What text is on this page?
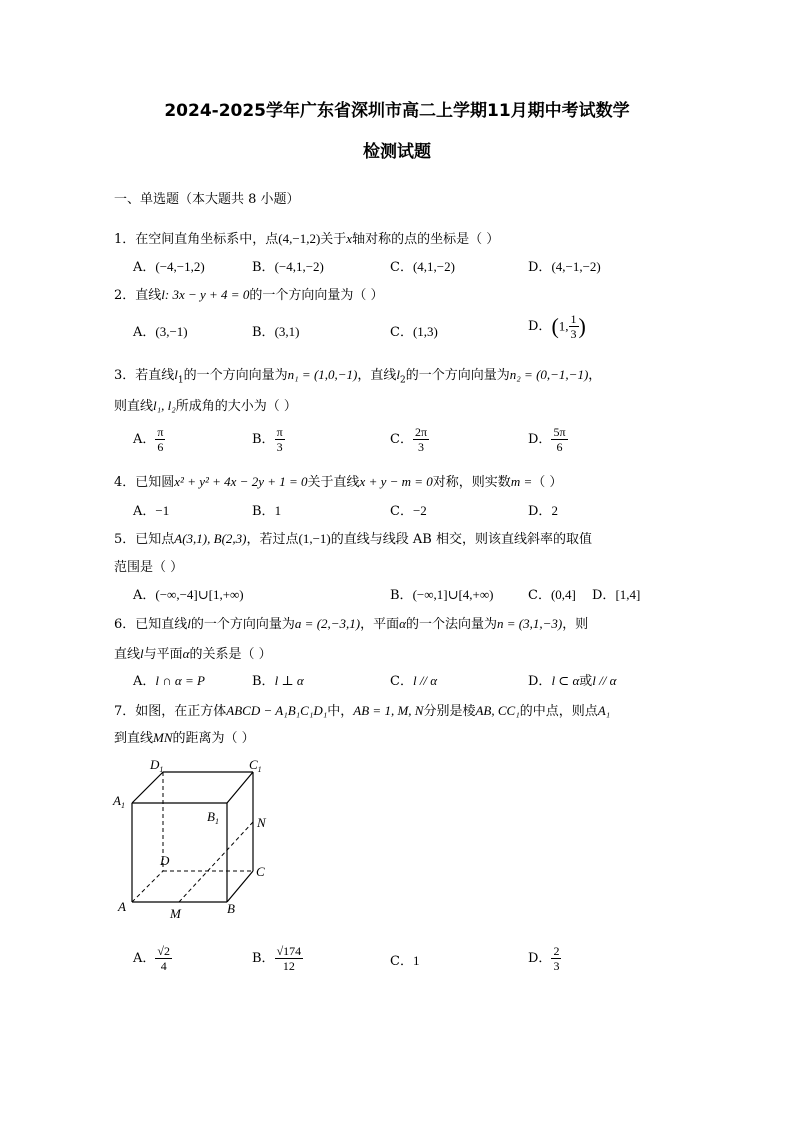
2024-2025学年广东省深圳市高二上学期11月期中考试数学
检测试题
一、单选题（本大题共 8 小题）
1．在空间直角坐标系中，点(4,−1,2)关于x轴对称的点的坐标是（ ）
A．(−4,−1,2)	B．(−4,1,−2)	C．(4,1,−2)	D．(4,−1,−2)
2．直线l: 3x − y + 4 = 0的一个方向向量为（ ）
A．(3,−1)	B．(3,1)	C．(1,3)	D．(1, $\frac{1}{3}$ )
3．若直线$l_1$的一个方向向量为n₁ = (1,0,−1)，直线$l_2$的一个方向向量为n₂ = (0,−1,−1)，
则直线l₁, l₂所成角的大小为（ ）
A． $\frac{\pi}{6}$	B． $\frac{\pi}{3}$	C． $\frac{2\pi}{3}$	D． $\frac{5\pi}{6}$
4．已知圆x² + y² + 4x − 2y + 1 = 0关于直线x + y − m = 0对称，则实数m =（ ）
A．−1	B．1	C．−2	D．2
5．已知点A(3,1), B(2,3)，若过点(1,−1)的直线与线段 AB 相交，则该直线斜率的取值
范围是（ ）
A．(−∞,−4]∪[1,+∞)	B．(−∞,1]∪[4,+∞)	C．(0,4] D．[1,4]
6．已知直线l的一个方向向量为a = (2,−3,1)，平面α的一个法向量为n = (3,1,−3)，则
直线l与平面α的关系是（ ）
A．l ∩ α = P	B．l ⊥ α	C．l // α	D．l ⊂ α或l // α
7．如图，在正方体ABCD − A₁B₁C₁D₁中，AB = 1, M, N分别是棱AB, CC₁的中点，则点A₁
到直线MN的距离为（ ）
$D_1$	$C_1$
$A_1$
$B_1$	N
D
C
A	M	B
A． $\frac{√2}{4}$	B． $\frac{√174}{12}$	C．1	D． $\frac{2}{3}$
